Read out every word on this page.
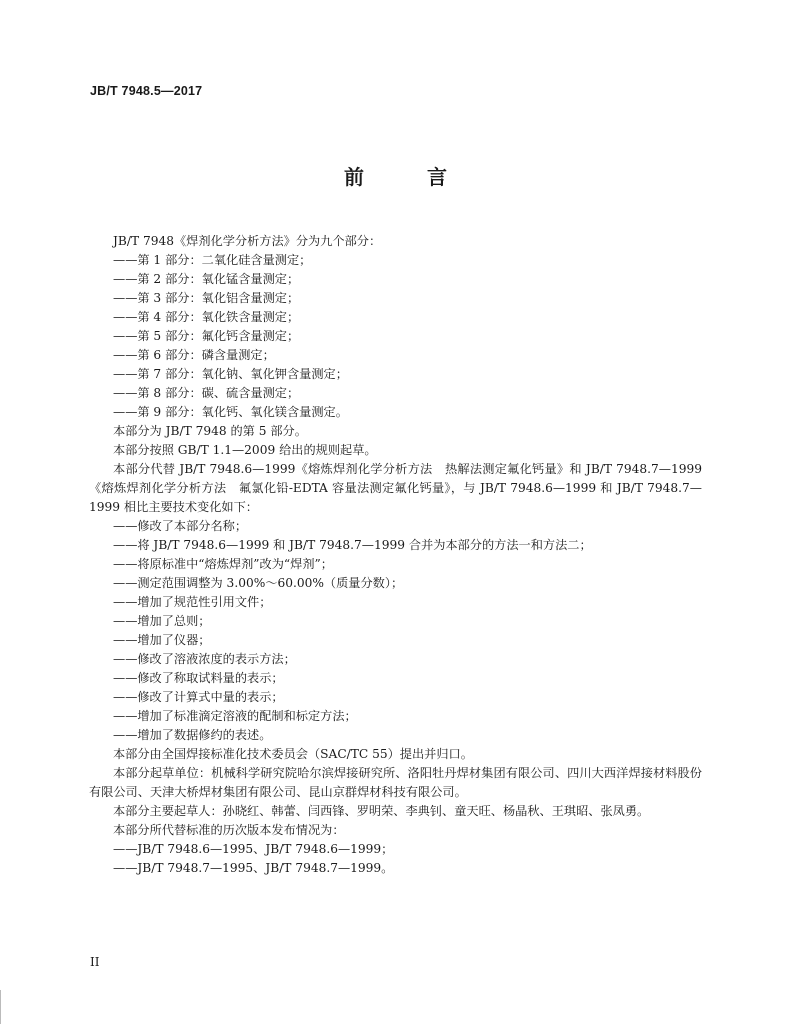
JB/T 7948.5—2017
前 言
JB/T 7948《焊剂化学分析方法》分为九个部分：
——第 1 部分：二氧化硅含量测定；
——第 2 部分：氧化锰含量测定；
——第 3 部分：氧化铝含量测定；
——第 4 部分：氧化铁含量测定；
——第 5 部分：氟化钙含量测定；
——第 6 部分：磷含量测定；
——第 7 部分：氧化钠、氧化钾含量测定；
——第 8 部分：碳、硫含量测定；
——第 9 部分：氧化钙、氧化镁含量测定。
本部分为 JB/T 7948 的第 5 部分。
本部分按照 GB/T 1.1—2009 给出的规则起草。
本部分代替 JB/T 7948.6—1999《熔炼焊剂化学分析方法　热解法测定氟化钙量》和 JB/T 7948.7—1999《熔炼焊剂化学分析方法　氟氯化铅-EDTA 容量法测定氟化钙量》，与 JB/T 7948.6—1999 和 JB/T 7948.7—1999 相比主要技术变化如下：
——修改了本部分名称；
——将 JB/T 7948.6—1999 和 JB/T 7948.7—1999 合并为本部分的方法一和方法二；
——将原标准中“熔炼焊剂”改为“焊剂”；
——测定范围调整为 3.00%～60.00%（质量分数）；
——增加了规范性引用文件；
——增加了总则；
——增加了仪器；
——修改了溶液浓度的表示方法；
——修改了称取试料量的表示；
——修改了计算式中量的表示；
——增加了标准滴定溶液的配制和标定方法；
——增加了数据修约的表述。
本部分由全国焊接标准化技术委员会（SAC/TC 55）提出并归口。
本部分起草单位：机械科学研究院哈尔滨焊接研究所、洛阳牡丹焊材集团有限公司、四川大西洋焊接材料股份有限公司、天津大桥焊材集团有限公司、昆山京群焊材科技有限公司。
本部分主要起草人：孙晓红、韩蕾、闫西锋、罗明荣、李典钊、童天旺、杨晶秋、王琪昭、张凤勇。
本部分所代替标准的历次版本发布情况为：
——JB/T 7948.6—1995、JB/T 7948.6—1999；
——JB/T 7948.7—1995、JB/T 7948.7—1999。
II
